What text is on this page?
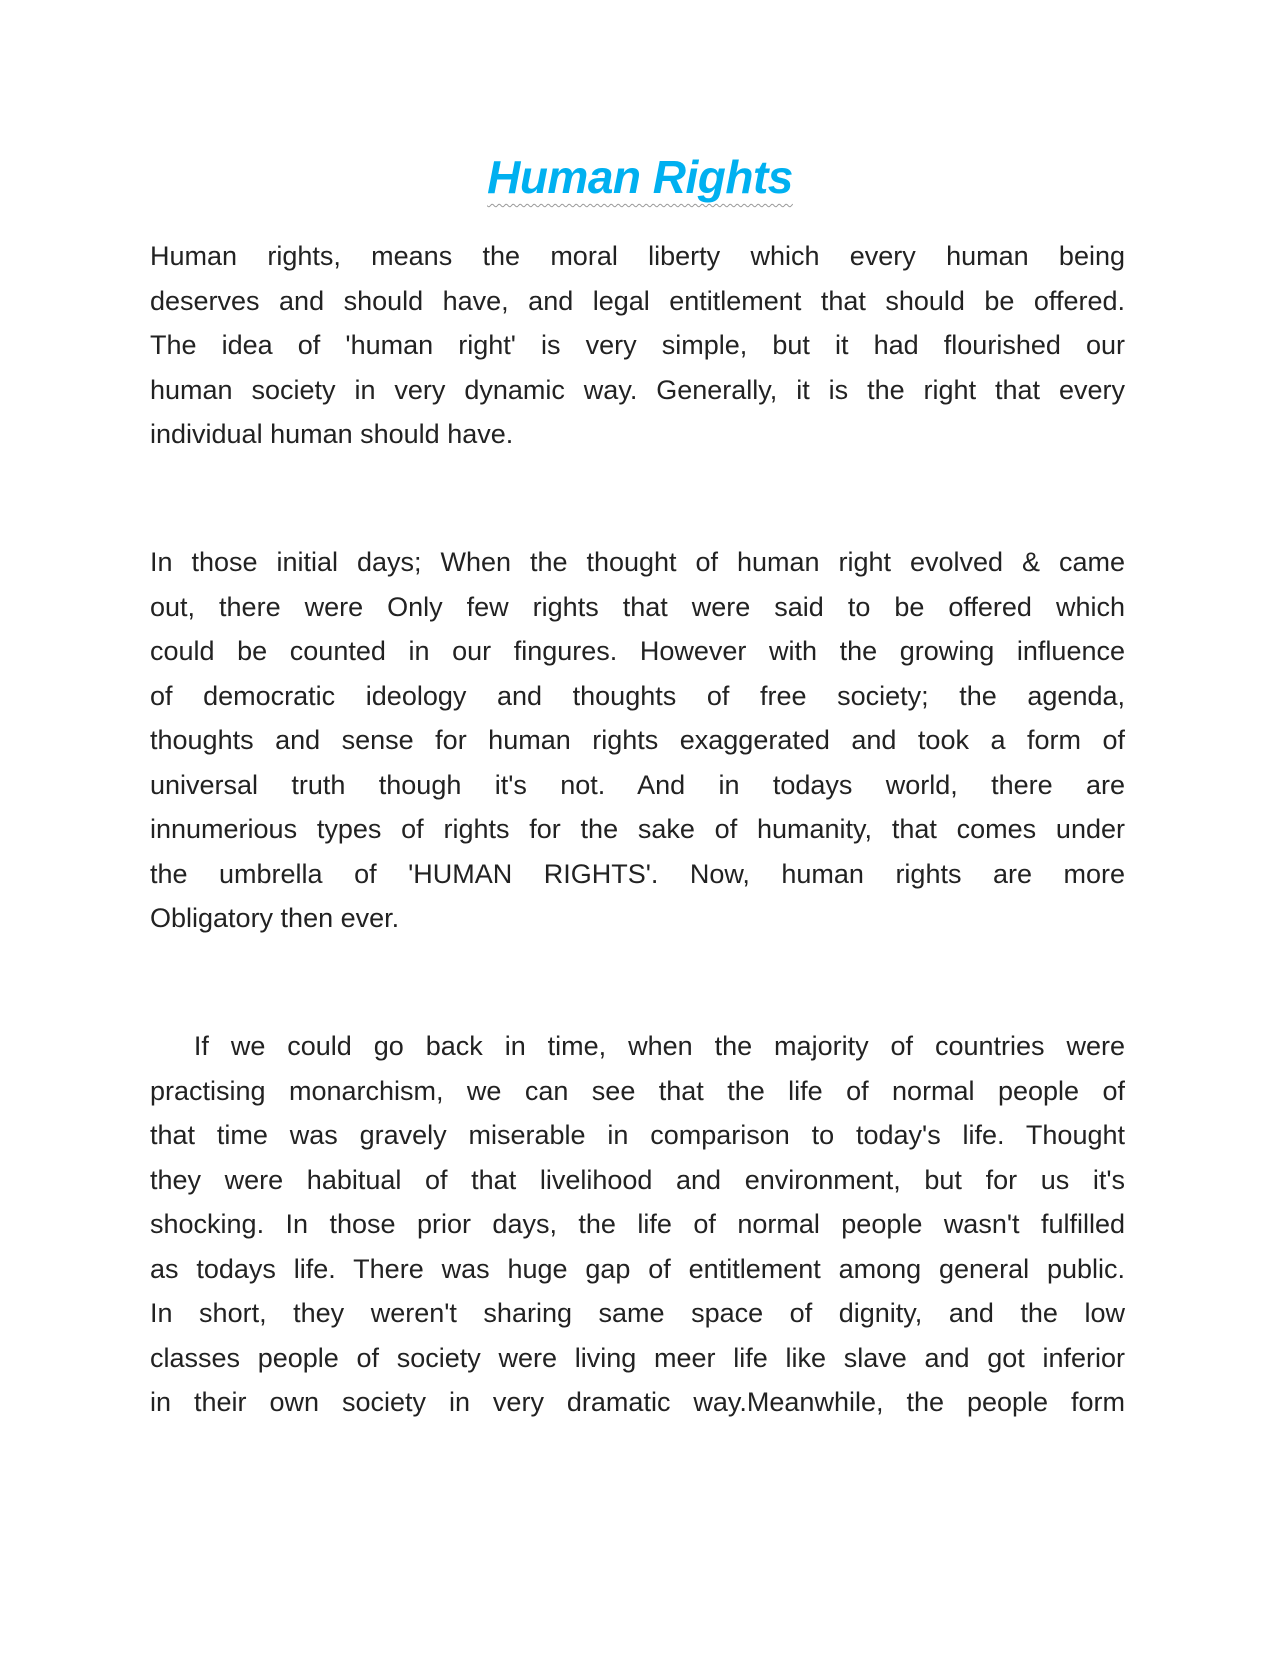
Human Rights
Human rights, means the moral liberty which every human being
deserves and should have, and legal entitlement that should be offered.
The idea of 'human right' is very simple, but it had flourished our
human society in very dynamic way. Generally, it is the right that every
individual human should have.
In those initial days; When the thought of human right evolved & came
out, there were Only few rights that were said to be offered which
could be counted in our fingures. However with the growing influence
of democratic ideology and thoughts of free society; the agenda,
thoughts and sense for human rights exaggerated and took a form of
universal truth though it's not. And in todays world, there are
innumerious types of rights for the sake of humanity, that comes under
the umbrella of 'HUMAN RIGHTS'. Now, human rights are more
Obligatory then ever.
If we could go back in time, when the majority of countries were
practising monarchism, we can see that the life of normal people of
that time was gravely miserable in comparison to today's life. Thought
they were habitual of that livelihood and environment, but for us it's
shocking. In those prior days, the life of normal people wasn't fulfilled
as todays life. There was huge gap of entitlement among general public.
In short, they weren't sharing same space of dignity, and the low
classes people of society were living meer life like slave and got inferior
in their own society in very dramatic way.Meanwhile, the people form
